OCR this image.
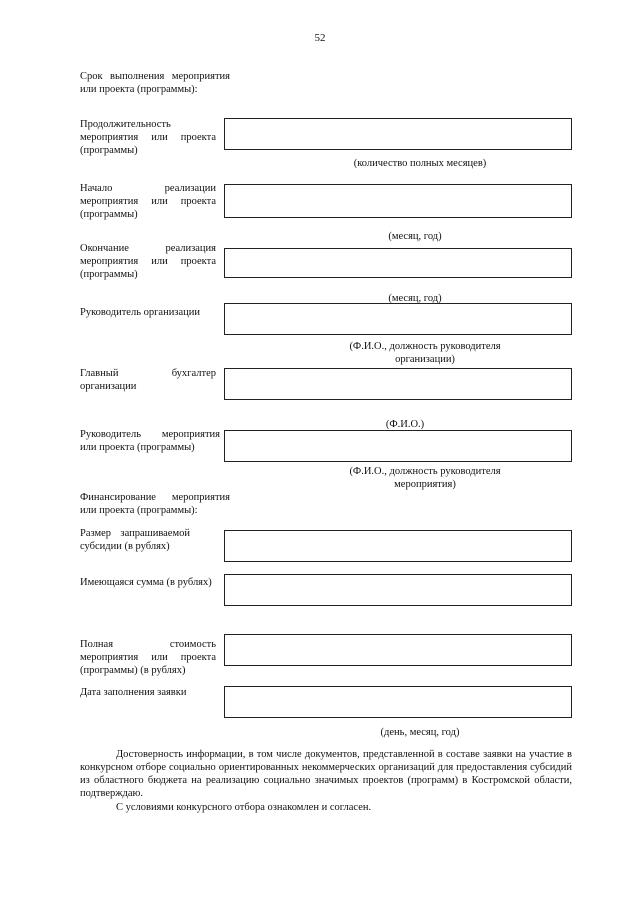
52
Срок выполнения мероприятия или проекта (программы):
Продолжительность мероприятия или проекта (программы)
(количество полных месяцев)
Начало реализации мероприятия или проекта (программы)
(месяц, год)
Окончание реализация мероприятия или проекта (программы)
(месяц, год)
Руководитель организации
(Ф.И.О., должность руководителя организации)
Главный бухгалтер организации
(Ф.И.О.)
Руководитель мероприятия или проекта (программы)
(Ф.И.О., должность руководителя мероприятия)
Финансирование мероприятия или проекта (программы):
Размер запрашиваемой субсидии (в рублях)
Имеющаяся сумма (в рублях)
Полная стоимость мероприятия или проекта (программы) (в рублях)
Дата заполнения заявки
(день, месяц, год)
Достоверность информации, в том числе документов, представленной в составе заявки на участие в конкурсном отборе социально ориентированных некоммерческих организаций для предоставления субсидий из областного бюджета на реализацию социально значимых проектов (программ) в Костромской области, подтверждаю.
С условиями конкурсного отбора ознакомлен и согласен.
